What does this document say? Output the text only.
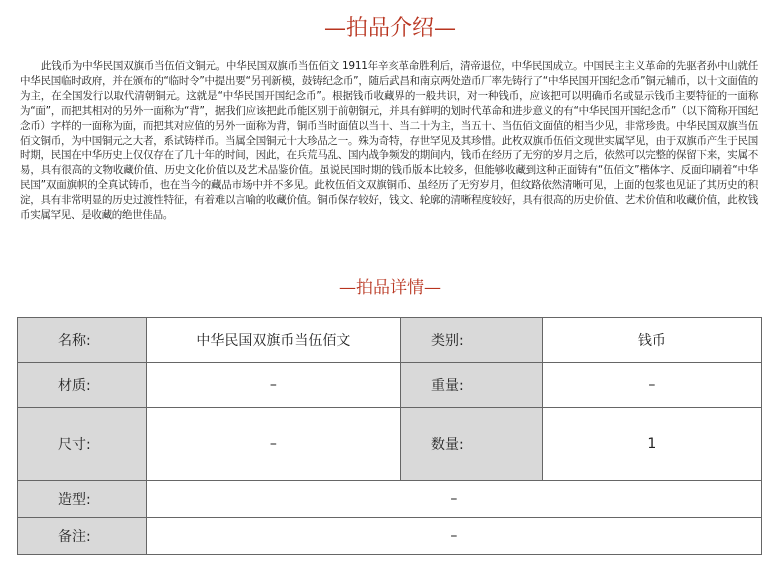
—拍品介绍—

此钱币为中华民国双旗币当伍佰文铜元。中华民国双旗币当伍佰文 1911年辛亥革命胜利后，清帝退位，中华民国成立。中国民主主义革命的先驱者孙中山就任中华民国临时政府，并在颁布的“临时令”中提出要“另刊新模，鼓铸纪念币”，随后武昌和南京两处造币厂率先铸行了“中华民国开国纪念币”铜元辅币，以十文面值的为主，在全国发行以取代清朝铜元。这就是“中华民国开国纪念币”。根据钱币收藏界的一般共识，对一种钱币，应该把可以明确币名或显示钱币主要特征的一面称为“面”，而把其相对的另外一面称为“背”，据我们应该把此币能区别于前朝铜元，并具有鲜明的划时代革命和进步意义的有“中华民国开国纪念币”（以下简称开国纪念币）字样的一面称为面，而把其对应值的另外一面称为背，铜币当时面值以当十、当二十为主，当五十、当伍佰文面值的相当少见，非常珍贵。中华民国双旗当伍佰文铜币，为中国铜元之大者，系试铸样币。当属全国铜元十大珍品之一。殊为奇特，存世罕见及其珍惜。此枚双旗币伍佰文现世实属罕见，由于双旗币产生于民国时期，民国在中华历史上仅仅存在了几十年的时间，因此，在兵荒马乱、国内战争频发的期间内，钱币在经历了无穷的岁月之后，依然可以完整的保留下来，实属不易，具有很高的文物收藏价值、历史文化价值以及艺术品鉴价值。虽说民国时期的钱币版本比较多，但能够收藏到这种正面铸有“伍佰文”楷体字、反面印刷着“中华民国”双面旗帜的全真试铸币，也在当今的藏品市场中并不多见。此枚伍佰文双旗铜币、虽经历了无穷岁月，但纹路依然清晰可见，上面的包浆也见证了其历史的积淀，具有非常明显的历史过渡性特征，有着难以言喻的收藏价值。铜币保存较好，钱文、轮廓的清晰程度较好，具有很高的历史价值、艺术价值和收藏价值，此枚钱币实属罕见、是收藏的绝世佳品。

—拍品详情—
名称:	中华民国双旗币当伍佰文	类别:	钱币
材质:	–	重量:	–
尺寸:	–	数量:	1
造型:	–		
备注:	–		
